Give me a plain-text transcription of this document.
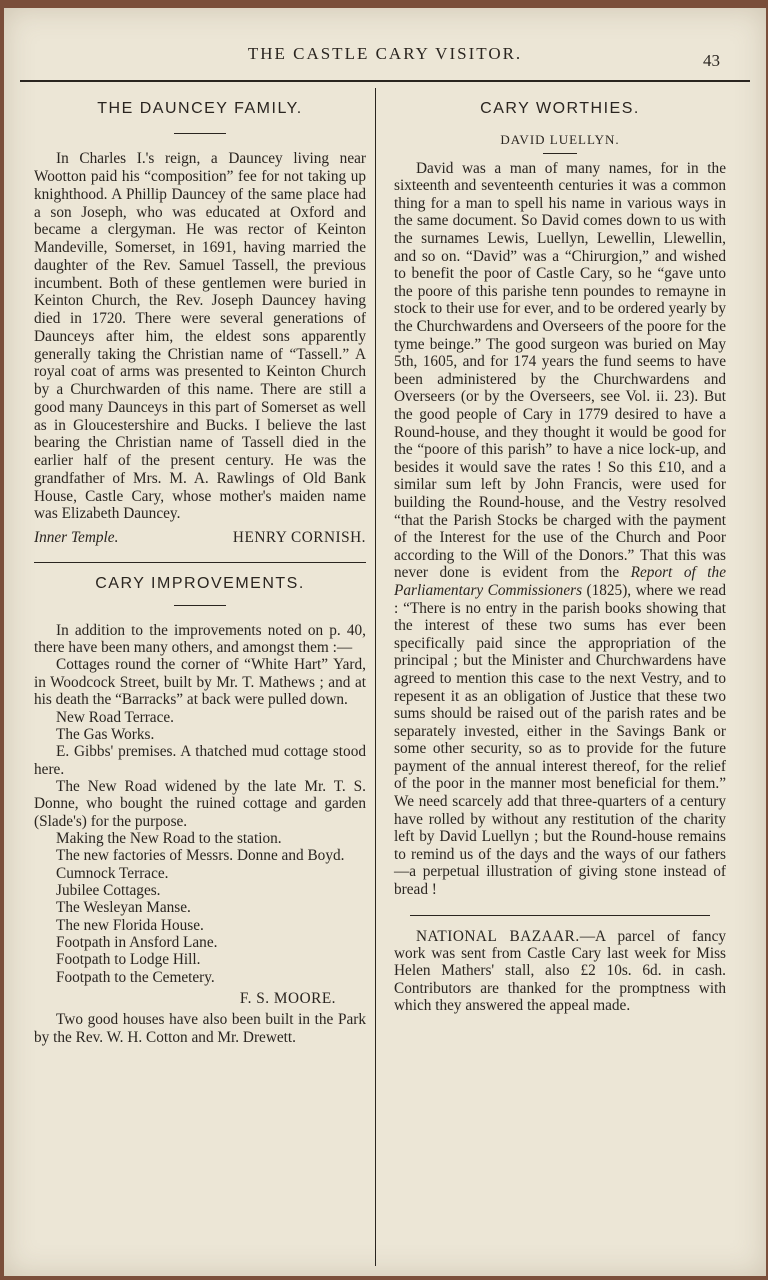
THE CASTLE CARY VISITOR.	43
THE DAUNCEY FAMILY.

In Charles I.'s reign, a Dauncey living near Wootton paid his “composition” fee for not taking up knighthood. A Phillip Dauncey of the same place had a son Joseph, who was educated at Oxford and became a clergyman. He was rector of Keinton Mandeville, Somerset, in 1691, having married the daughter of the Rev. Samuel Tassell, the previous incumbent. Both of these gentlemen were buried in Keinton Church, the Rev. Joseph Dauncey having died in 1720. There were several generations of Daunceys after him, the eldest sons apparently generally taking the Christian name of “Tassell.” A royal coat of arms was presented to Keinton Church by a Churchwarden of this name. There are still a good many Daunceys in this part of Somerset as well as in Gloucestershire and Bucks. I believe the last bearing the Christian name of Tassell died in the earlier half of the present century. He was the grandfather of Mrs. M. A. Rawlings of Old Bank House, Castle Cary, whose mother's maiden name was Elizabeth Dauncey.

Inner Temple.	HENRY CORNISH.
CARY IMPROVEMENTS.

In addition to the improvements noted on p. 40, there have been many others, and amongst them :—

Cottages round the corner of “White Hart” Yard, in Woodcock Street, built by Mr. T. Mathews ; and at his death the “Barracks” at back were pulled down.

New Road Terrace.

The Gas Works.

E. Gibbs' premises. A thatched mud cottage stood here.

The New Road widened by the late Mr. T. S. Donne, who bought the ruined cottage and garden (Slade's) for the purpose.

Making the New Road to the station.

The new factories of Messrs. Donne and Boyd.

Cumnock Terrace.

Jubilee Cottages.

The Wesleyan Manse.

The new Florida House.

Footpath in Ansford Lane.

Footpath to Lodge Hill.

Footpath to the Cemetery.

F. S. MOORE.

Two good houses have also been built in the Park by the Rev. W. H. Cotton and Mr. Drewett.

CARY WORTHIES.
DAVID LUELLYN.

David was a man of many names, for in the sixteenth and seventeenth centuries it was a common thing for a man to spell his name in various ways in the same document. So David comes down to us with the surnames Lewis, Luellyn, Lewellin, Llewellin, and so on. “David” was a “Chirurgion,” and wished to benefit the poor of Castle Cary, so he “gave unto the poore of this parishe tenn poundes to remayne in stock to their use for ever, and to be ordered yearly by the Churchwardens and Overseers of the poore for the tyme beinge.” The good surgeon was buried on May 5th, 1605, and for 174 years the fund seems to have been administered by the Churchwardens and Overseers (or by the Overseers, see Vol. ii. 23). But the good people of Cary in 1779 desired to have a Round-house, and they thought it would be good for the “poore of this parish” to have a nice lock-up, and besides it would save the rates ! So this £10, and a similar sum left by John Francis, were used for building the Round-house, and the Vestry resolved “that the Parish Stocks be charged with the payment of the Interest for the use of the Church and Poor according to the Will of the Donors.” That this was never done is evident from the Report of the Parliamentary Commissioners (1825), where we read : “There is no entry in the parish books showing that the interest of these two sums has ever been specifically paid since the appropriation of the principal ; but the Minister and Churchwardens have agreed to mention this case to the next Vestry, and to repesent it as an obligation of Justice that these two sums should be raised out of the parish rates and be separately invested, either in the Savings Bank or some other security, so as to provide for the future payment of the annual interest thereof, for the relief of the poor in the manner most beneficial for them.” We need scarcely add that three-quarters of a century have rolled by without any restitution of the charity left by David Luellyn ; but the Round-house remains to remind us of the days and the ways of our fathers—a perpetual illustration of giving stone instead of bread !

NATIONAL BAZAAR.—A parcel of fancy work was sent from Castle Cary last week for Miss Helen Mathers' stall, also £2 10s. 6d. in cash. Contributors are thanked for the promptness with which they answered the appeal made.
